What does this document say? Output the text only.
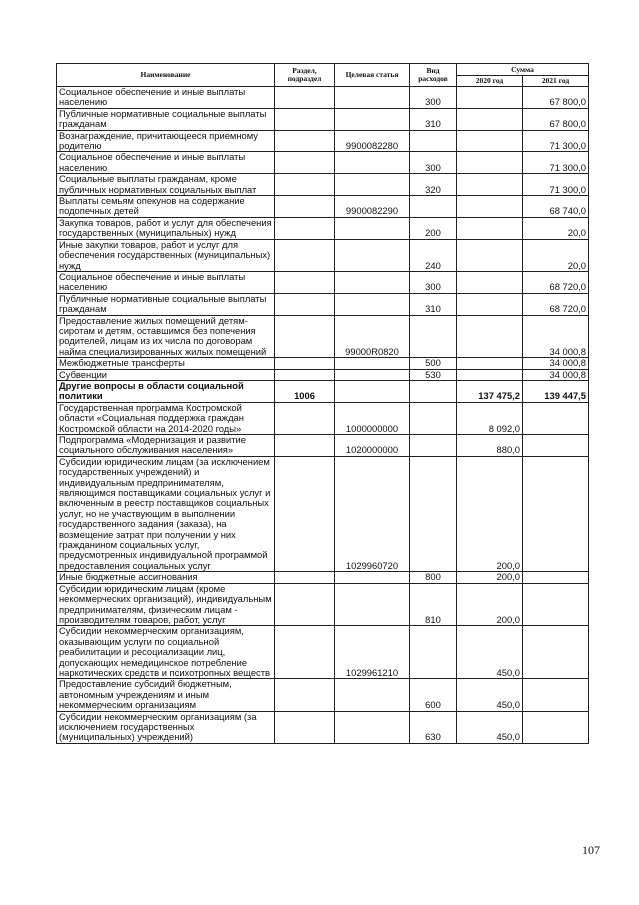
Наименование	Раздел, подраздел	Целевая статья	Вид расходов	Сумма	
				2020 год	2021 год
Социальное обеспечение и иные выплаты населению			300		67 800,0
Публичные нормативные социальные выплаты гражданам			310		67 800,0
Вознаграждение, причитающееся приемному родителю		9900082280			71 300,0
Социальное обеспечение и иные выплаты населению			300		71 300,0
Социальные выплаты гражданам, кроме публичных нормативных социальных выплат			320		71 300,0
Выплаты семьям опекунов на содержание подопечных детей		9900082290			68 740,0
Закупка товаров, работ и услуг для обеспечения государственных (муниципальных) нужд			200		20,0
Иные закупки товаров, работ и услуг для обеспечения государственных (муниципальных) нужд			240		20,0
Социальное обеспечение и иные выплаты населению			300		68 720,0
Публичные нормативные социальные выплаты гражданам			310		68 720,0
Предоставление жилых помещений детям-сиротам и детям, оставшимся без попечения родителей, лицам из их числа по договорам найма специализированных жилых помещений		99000R0820			34 000,8
Межбюджетные трансферты			500		34 000,8
Субвенции			530		34 000,8
Другие вопросы в области социальной политики	1006			137 475,2	139 447,5
Государственная программа Костромской области «Социальная поддержка граждан Костромской области на 2014-2020 годы»		1000000000		8 092,0	
Подпрограмма «Модернизация и развитие социального обслуживания населения»		1020000000		880,0	
Субсидии юридическим лицам (за исключением государственных учреждений) и индивидуальным предпринимателям, являющимся поставщиками социальных услуг и включенным в реестр поставщиков социальных услуг, но не участвующим в выполнении государственного задания (заказа), на возмещение затрат при получении у них гражданином социальных услуг, предусмотренных индивидуальной программой предоставления социальных услуг		1029960720		200,0	
Иные бюджетные ассигнования			800	200,0	
Субсидии юридическим лицам (кроме некоммерческих организаций), индивидуальным предпринимателям, физическим лицам - производителям товаров, работ, услуг			810	200,0	
Субсидии некоммерческим организациям, оказывающим услуги по социальной реабилитации и ресоциализации лиц, допускающих немедицинское потребление наркотических средств и психотропных веществ		1029961210		450,0	
Предоставление субсидий бюджетным, автономным учреждениям и иным некоммерческим организациям			600	450,0	
Субсидии некоммерческим организациям (за исключением государственных (муниципальных) учреждений)			630	450,0	
107
